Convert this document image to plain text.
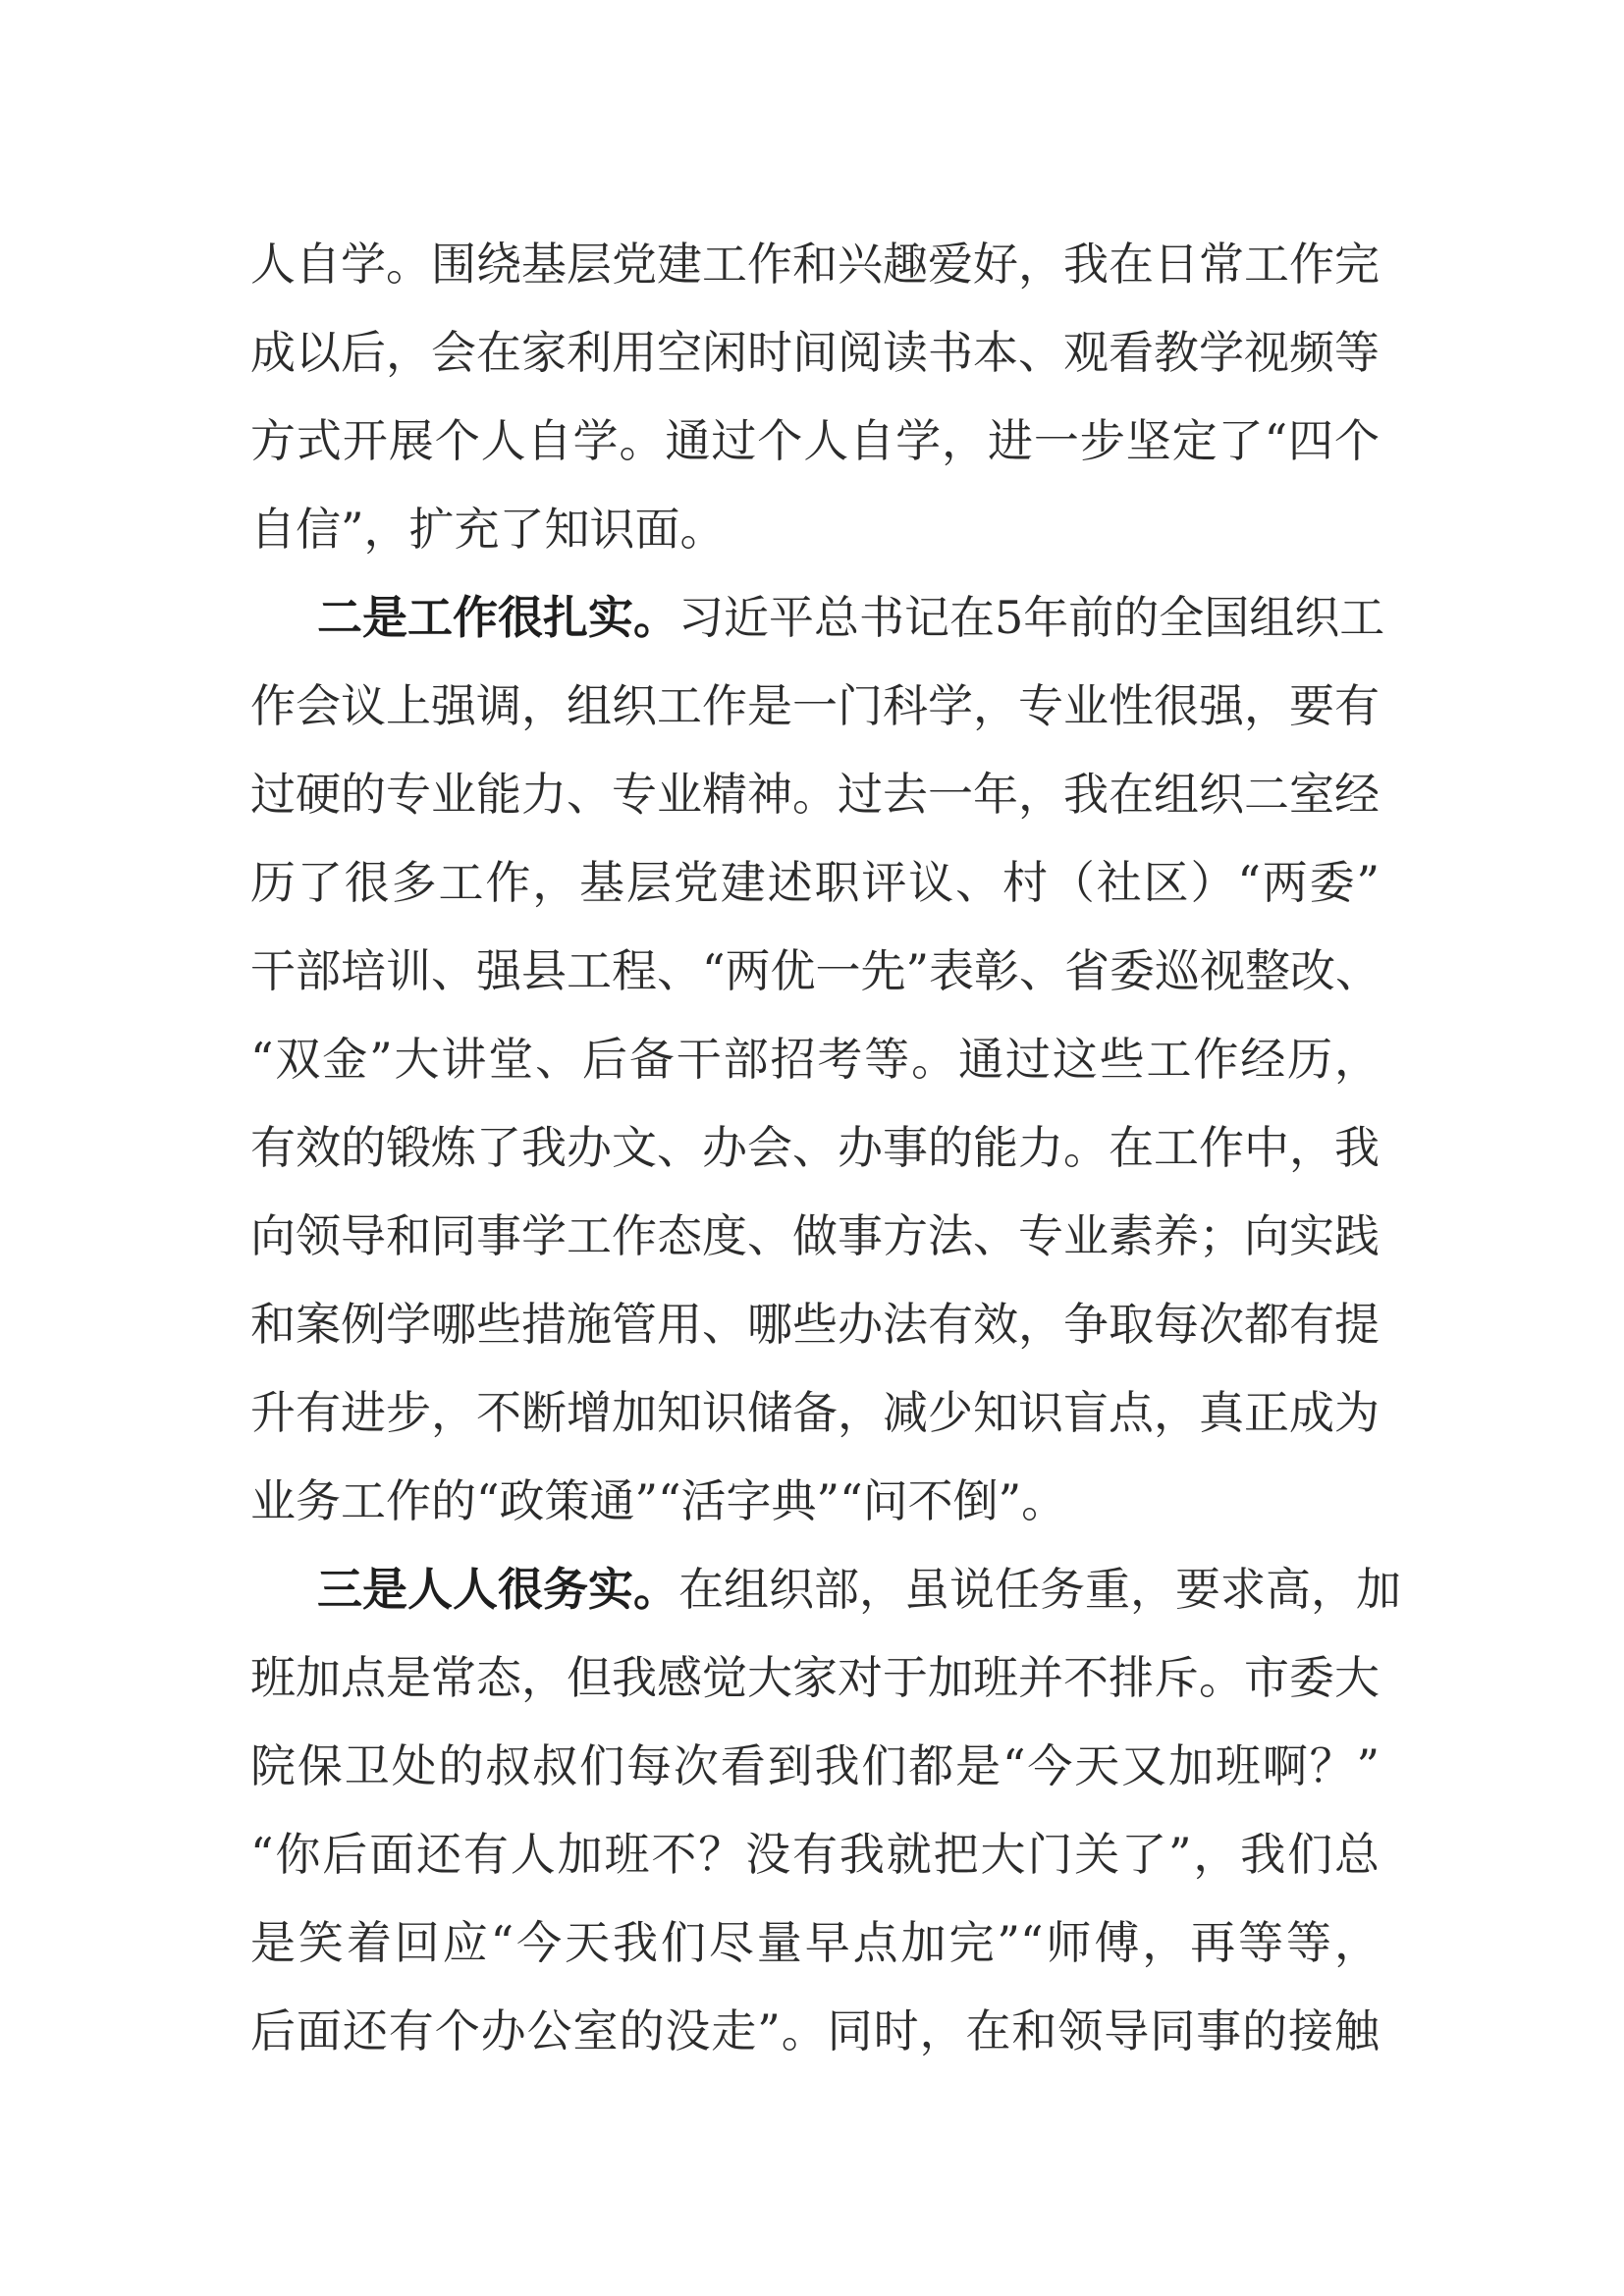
人自学。围绕基层党建工作和兴趣爱好，我在日常工作完
成以后，会在家利用空闲时间阅读书本、观看教学视频等
方式开展个人自学。通过个人自学，进一步坚定了“四个
自信”，扩充了知识面。
二是工作很扎实。习近平总书记在5年前的全国组织工
作会议上强调，组织工作是一门科学，专业性很强，要有
过硬的专业能力、专业精神。过去一年，我在组织二室经
历了很多工作，基层党建述职评议、村（社区）“两委”
干部培训、强县工程、“两优一先”表彰、省委巡视整改、
“双金”大讲堂、后备干部招考等。通过这些工作经历，
有效的锻炼了我办文、办会、办事的能力。在工作中，我
向领导和同事学工作态度、做事方法、专业素养；向实践
和案例学哪些措施管用、哪些办法有效，争取每次都有提
升有进步，不断增加知识储备，减少知识盲点，真正成为
业务工作的“政策通”“活字典”“问不倒”。
三是人人很务实。在组织部，虽说任务重，要求高，加
班加点是常态，但我感觉大家对于加班并不排斥。市委大
院保卫处的叔叔们每次看到我们都是“今天又加班啊？”
“你后面还有人加班不？没有我就把大门关了”，我们总
是笑着回应“今天我们尽量早点加完”“师傅，再等等，
后面还有个办公室的没走”。同时，在和领导同事的接触
